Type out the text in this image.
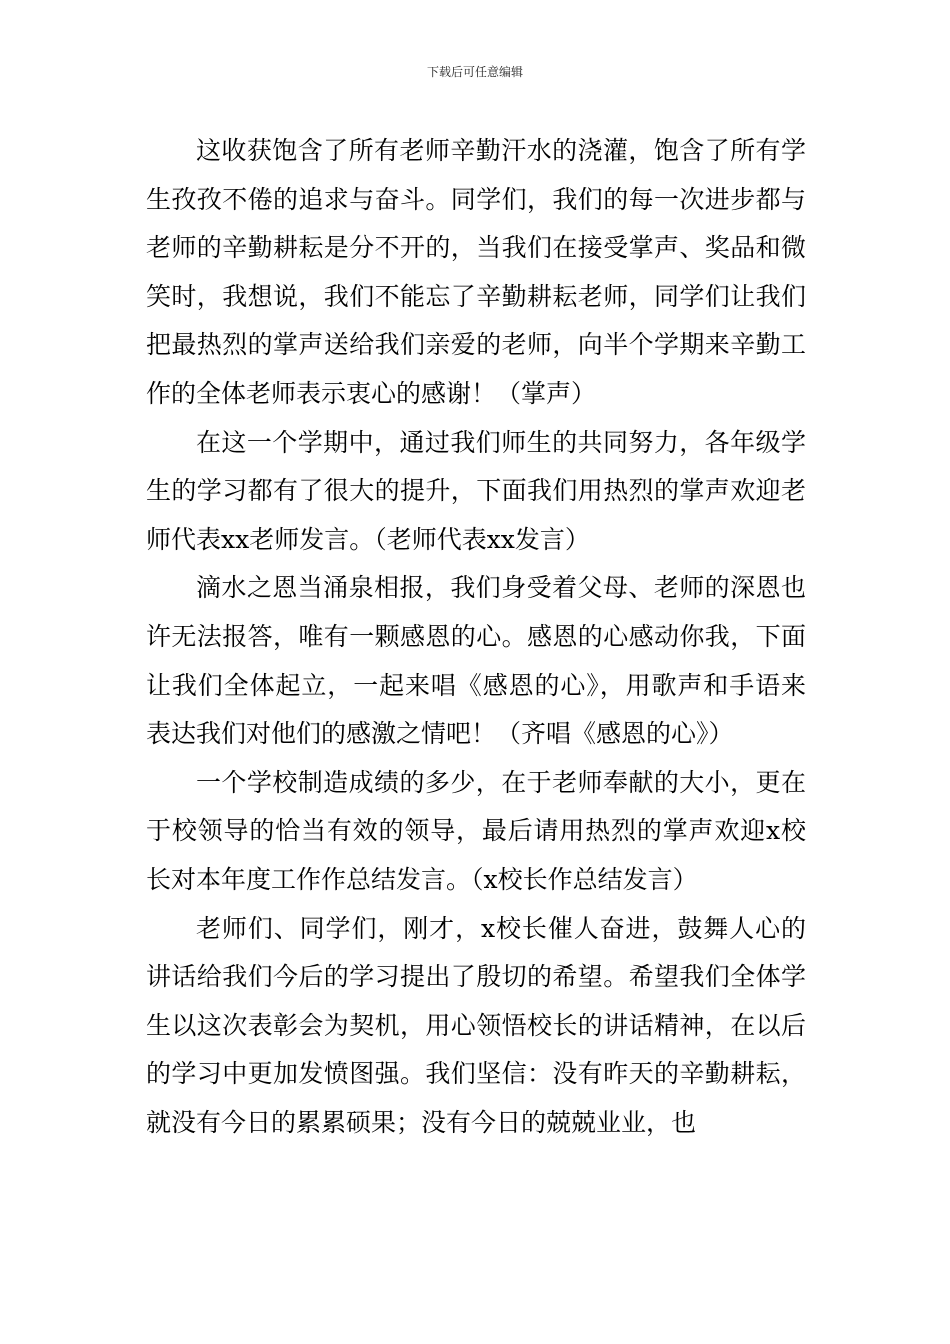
下载后可任意编辑

这收获饱含了所有老师辛勤汗水的浇灌，饱含了所有学生孜孜不倦的追求与奋斗。同学们，我们的每一次进步都与老师的辛勤耕耘是分不开的，当我们在接受掌声、奖品和微笑时，我想说，我们不能忘了辛勤耕耘老师，同学们让我们把最热烈的掌声送给我们亲爱的老师，向半个学期来辛勤工作的全体老师表示衷心的感谢！（掌声）

在这一个学期中，通过我们师生的共同努力，各年级学生的学习都有了很大的提升，下面我们用热烈的掌声欢迎老师代表xx老师发言。（老师代表xx发言）

滴水之恩当涌泉相报，我们身受着父母、老师的深恩也许无法报答，唯有一颗感恩的心。感恩的心感动你我，下面让我们全体起立，一起来唱《感恩的心》，用歌声和手语来表达我们对他们的感激之情吧！（齐唱《感恩的心》）

一个学校制造成绩的多少，在于老师奉献的大小，更在于校领导的恰当有效的领导，最后请用热烈的掌声欢迎x校长对本年度工作作总结发言。（x校长作总结发言）

老师们、同学们，刚才，x校长催人奋进，鼓舞人心的讲话给我们今后的学习提出了殷切的希望。希望我们全体学生以这次表彰会为契机，用心领悟校长的讲话精神，在以后的学习中更加发愤图强。我们坚信：没有昨天的辛勤耕耘，就没有今日的累累硕果；没有今日的兢兢业业，也
